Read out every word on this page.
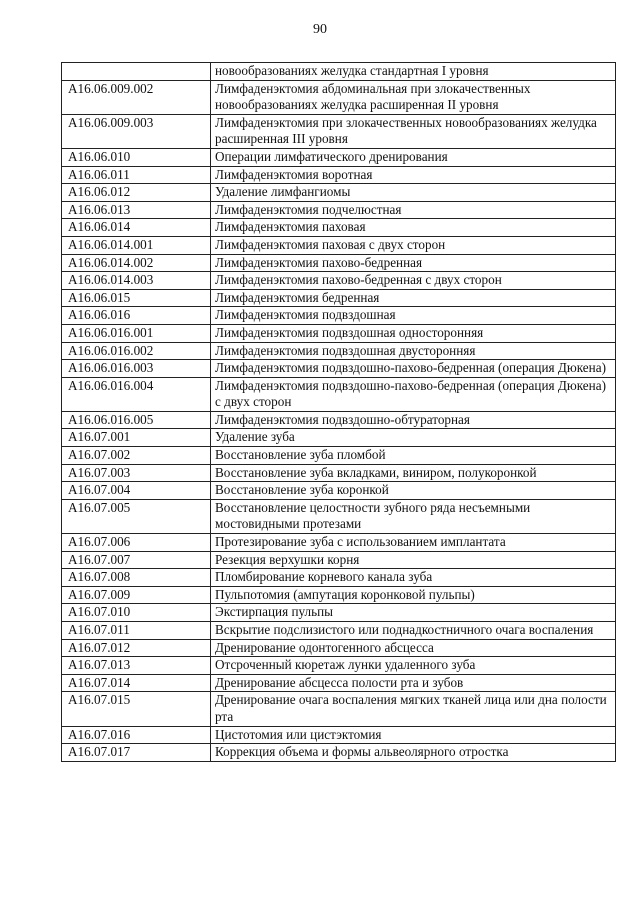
90
	новообразованиях желудка стандартная I уровня
A16.06.009.002	Лимфаденэктомия абдоминальная при злокачественных новообразованиях желудка расширенная II уровня
A16.06.009.003	Лимфаденэктомия при злокачественных новообразованиях желудка расширенная III уровня
A16.06.010	Операции лимфатического дренирования
A16.06.011	Лимфаденэктомия воротная
A16.06.012	Удаление лимфангиомы
A16.06.013	Лимфаденэктомия подчелюстная
A16.06.014	Лимфаденэктомия паховая
A16.06.014.001	Лимфаденэктомия паховая с двух сторон
A16.06.014.002	Лимфаденэктомия пахово-бедренная
A16.06.014.003	Лимфаденэктомия пахово-бедренная с двух сторон
A16.06.015	Лимфаденэктомия бедренная
A16.06.016	Лимфаденэктомия подвздошная
A16.06.016.001	Лимфаденэктомия подвздошная односторонняя
A16.06.016.002	Лимфаденэктомия подвздошная двусторонняя
A16.06.016.003	Лимфаденэктомия подвздошно-пахово-бедренная (операция Дюкена)
A16.06.016.004	Лимфаденэктомия подвздошно-пахово-бедренная (операция Дюкена) с двух сторон
A16.06.016.005	Лимфаденэктомия подвздошно-обтураторная
A16.07.001	Удаление зуба
A16.07.002	Восстановление зуба пломбой
A16.07.003	Восстановление зуба вкладками, виниром, полукоронкой
A16.07.004	Восстановление зуба коронкой
A16.07.005	Восстановление целостности зубного ряда несъемными мостовидными протезами
A16.07.006	Протезирование зуба с использованием имплантата
A16.07.007	Резекция верхушки корня
A16.07.008	Пломбирование корневого канала зуба
A16.07.009	Пульпотомия (ампутация коронковой пульпы)
A16.07.010	Экстирпация пульпы
A16.07.011	Вскрытие подслизистого или поднадкостничного очага воспаления
A16.07.012	Дренирование одонтогенного абсцесса
A16.07.013	Отсроченный кюретаж лунки удаленного зуба
A16.07.014	Дренирование абсцесса полости рта и зубов
A16.07.015	Дренирование очага воспаления мягких тканей лица или дна полости рта
A16.07.016	Цистотомия или цистэктомия
A16.07.017	Коррекция объема и формы альвеолярного отростка
